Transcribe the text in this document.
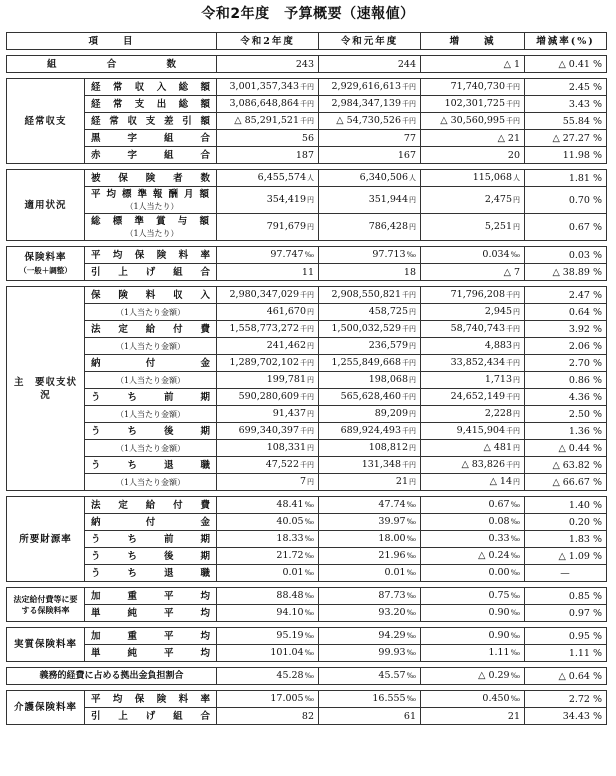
令和2年度　予算概要（速報値）
項　　目		令和2年度	令和元年度	増　　減	増減率(%)

組　合　数		243	244	△ 1	△ 0.41 %

経常収支	経常収入総額	3,001,357,343千円	2,929,616,613千円	71,740,730千円	2.45 %
	経常支出総額	3,086,648,864千円	2,984,347,139千円	102,301,725千円	3.43 %
	経常収支差引額	△ 85,291,521千円	△ 54,730,526千円	△ 30,560,995千円	55.84 %
	黒字組合	56	77	△ 21	△ 27.27 %
	赤字組合	187	167	20	11.98 %

適用状況	被保険者数	6,455,574人	6,340,506人	115,068人	1.81 %

	平均標準報酬月額
（1人当たり）	354,419円	351,944円	2,475円	0.70 %

	総標準賞与額
（1人当たり）	791,679円	786,428円	5,251円	0.67 %

保険料率
（一般＋調整）	平均保険料率	97.747‰	97.713‰	0.034‰	0.03 %
	引上げ組合	11	18	△ 7	△ 38.89 %

主　要収支状況	保険料収入	2,980,347,029千円	2,908,550,821千円	71,796,208千円	2.47 %
	（1人当たり金額）	461,670円	458,725円	2,945円	0.64 %
	法定給付費	1,558,773,272千円	1,500,032,529千円	58,740,743千円	3.92 %
	（1人当たり金額）	241,462円	236,579円	4,883円	2.06 %
	納付金	1,289,702,102千円	1,255,849,668千円	33,852,434千円	2.70 %
	（1人当たり金額）	199,781円	198,068円	1,713円	0.86 %
	うち前期	590,280,609千円	565,628,460千円	24,652,149千円	4.36 %
	（1人当たり金額）	91,437円	89,209円	2,228円	2.50 %
	うち後期	699,340,397千円	689,924,493千円	9,415,904千円	1.36 %
	（1人当たり金額）	108,331円	108,812円	△ 481円	△ 0.44 %
	うち退職	47,522千円	131,348千円	△ 83,826千円	△ 63.82 %
	（1人当たり金額）	7円	21円	△ 14円	△ 66.67 %

所要財源率	法定給付費	48.41‰	47.74‰	0.67‰	1.40 %
	納付金	40.05‰	39.97‰	0.08‰	0.20 %
	うち前期	18.33‰	18.00‰	0.33‰	1.83 %
	うち後期	21.72‰	21.96‰	△ 0.24‰	△ 1.09 %
	うち退職	0.01‰	0.01‰	0.00‰	—

法定給付費等に要する保険料率	加重平均	88.48‰	87.73‰	0.75‰	0.85 %
	単純平均	94.10‰	93.20‰	0.90‰	0.97 %

実質保険料率	加重平均	95.19‰	94.29‰	0.90‰	0.95 %
	単純平均	101.04‰	99.93‰	1.11‰	1.11 %

義務的経費に占める拠出金負担割合		45.28‰	45.57‰	△ 0.29‰	△ 0.64 %

介護保険料率	平均保険料率	17.005‰	16.555‰	0.450‰	2.72 %
	引上げ組合	82	61	21	34.43 %
